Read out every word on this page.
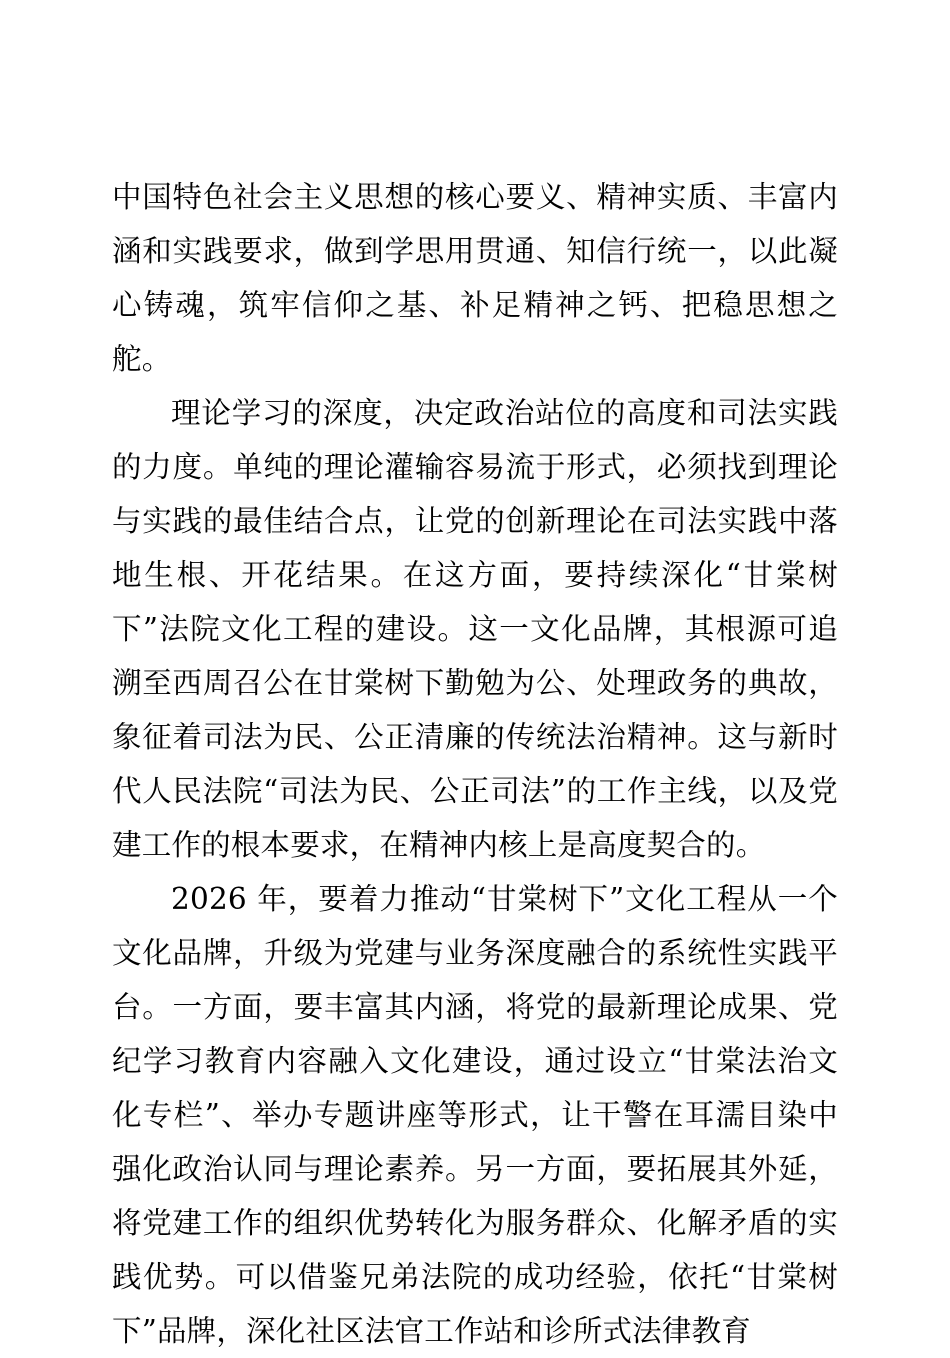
中国特色社会主义思想的核心要义、精神实质、丰富内涵和实践要求，做到学思用贯通、知信行统一，以此凝心铸魂，筑牢信仰之基、补足精神之钙、把稳思想之舵。

理论学习的深度，决定政治站位的高度和司法实践的力度。单纯的理论灌输容易流于形式，必须找到理论与实践的最佳结合点，让党的创新理论在司法实践中落地生根、开花结果。在这方面，要持续深化“甘棠树下”法院文化工程的建设。这一文化品牌，其根源可追溯至西周召公在甘棠树下勤勉为公、处理政务的典故，象征着司法为民、公正清廉的传统法治精神。这与新时代人民法院“司法为民、公正司法”的工作主线，以及党建工作的根本要求，在精神内核上是高度契合的。

2026 年，要着力推动“甘棠树下”文化工程从一个文化品牌，升级为党建与业务深度融合的系统性实践平台。一方面，要丰富其内涵，将党的最新理论成果、党纪学习教育内容融入文化建设，通过设立“甘棠法治文化专栏”、举办专题讲座等形式，让干警在耳濡目染中强化政治认同与理论素养。另一方面，要拓展其外延，将党建工作的组织优势转化为服务群众、化解矛盾的实践优势。可以借鉴兄弟法院的成功经验，依托“甘棠树下”品牌，深化社区法官工作站和诊所式法律教育
